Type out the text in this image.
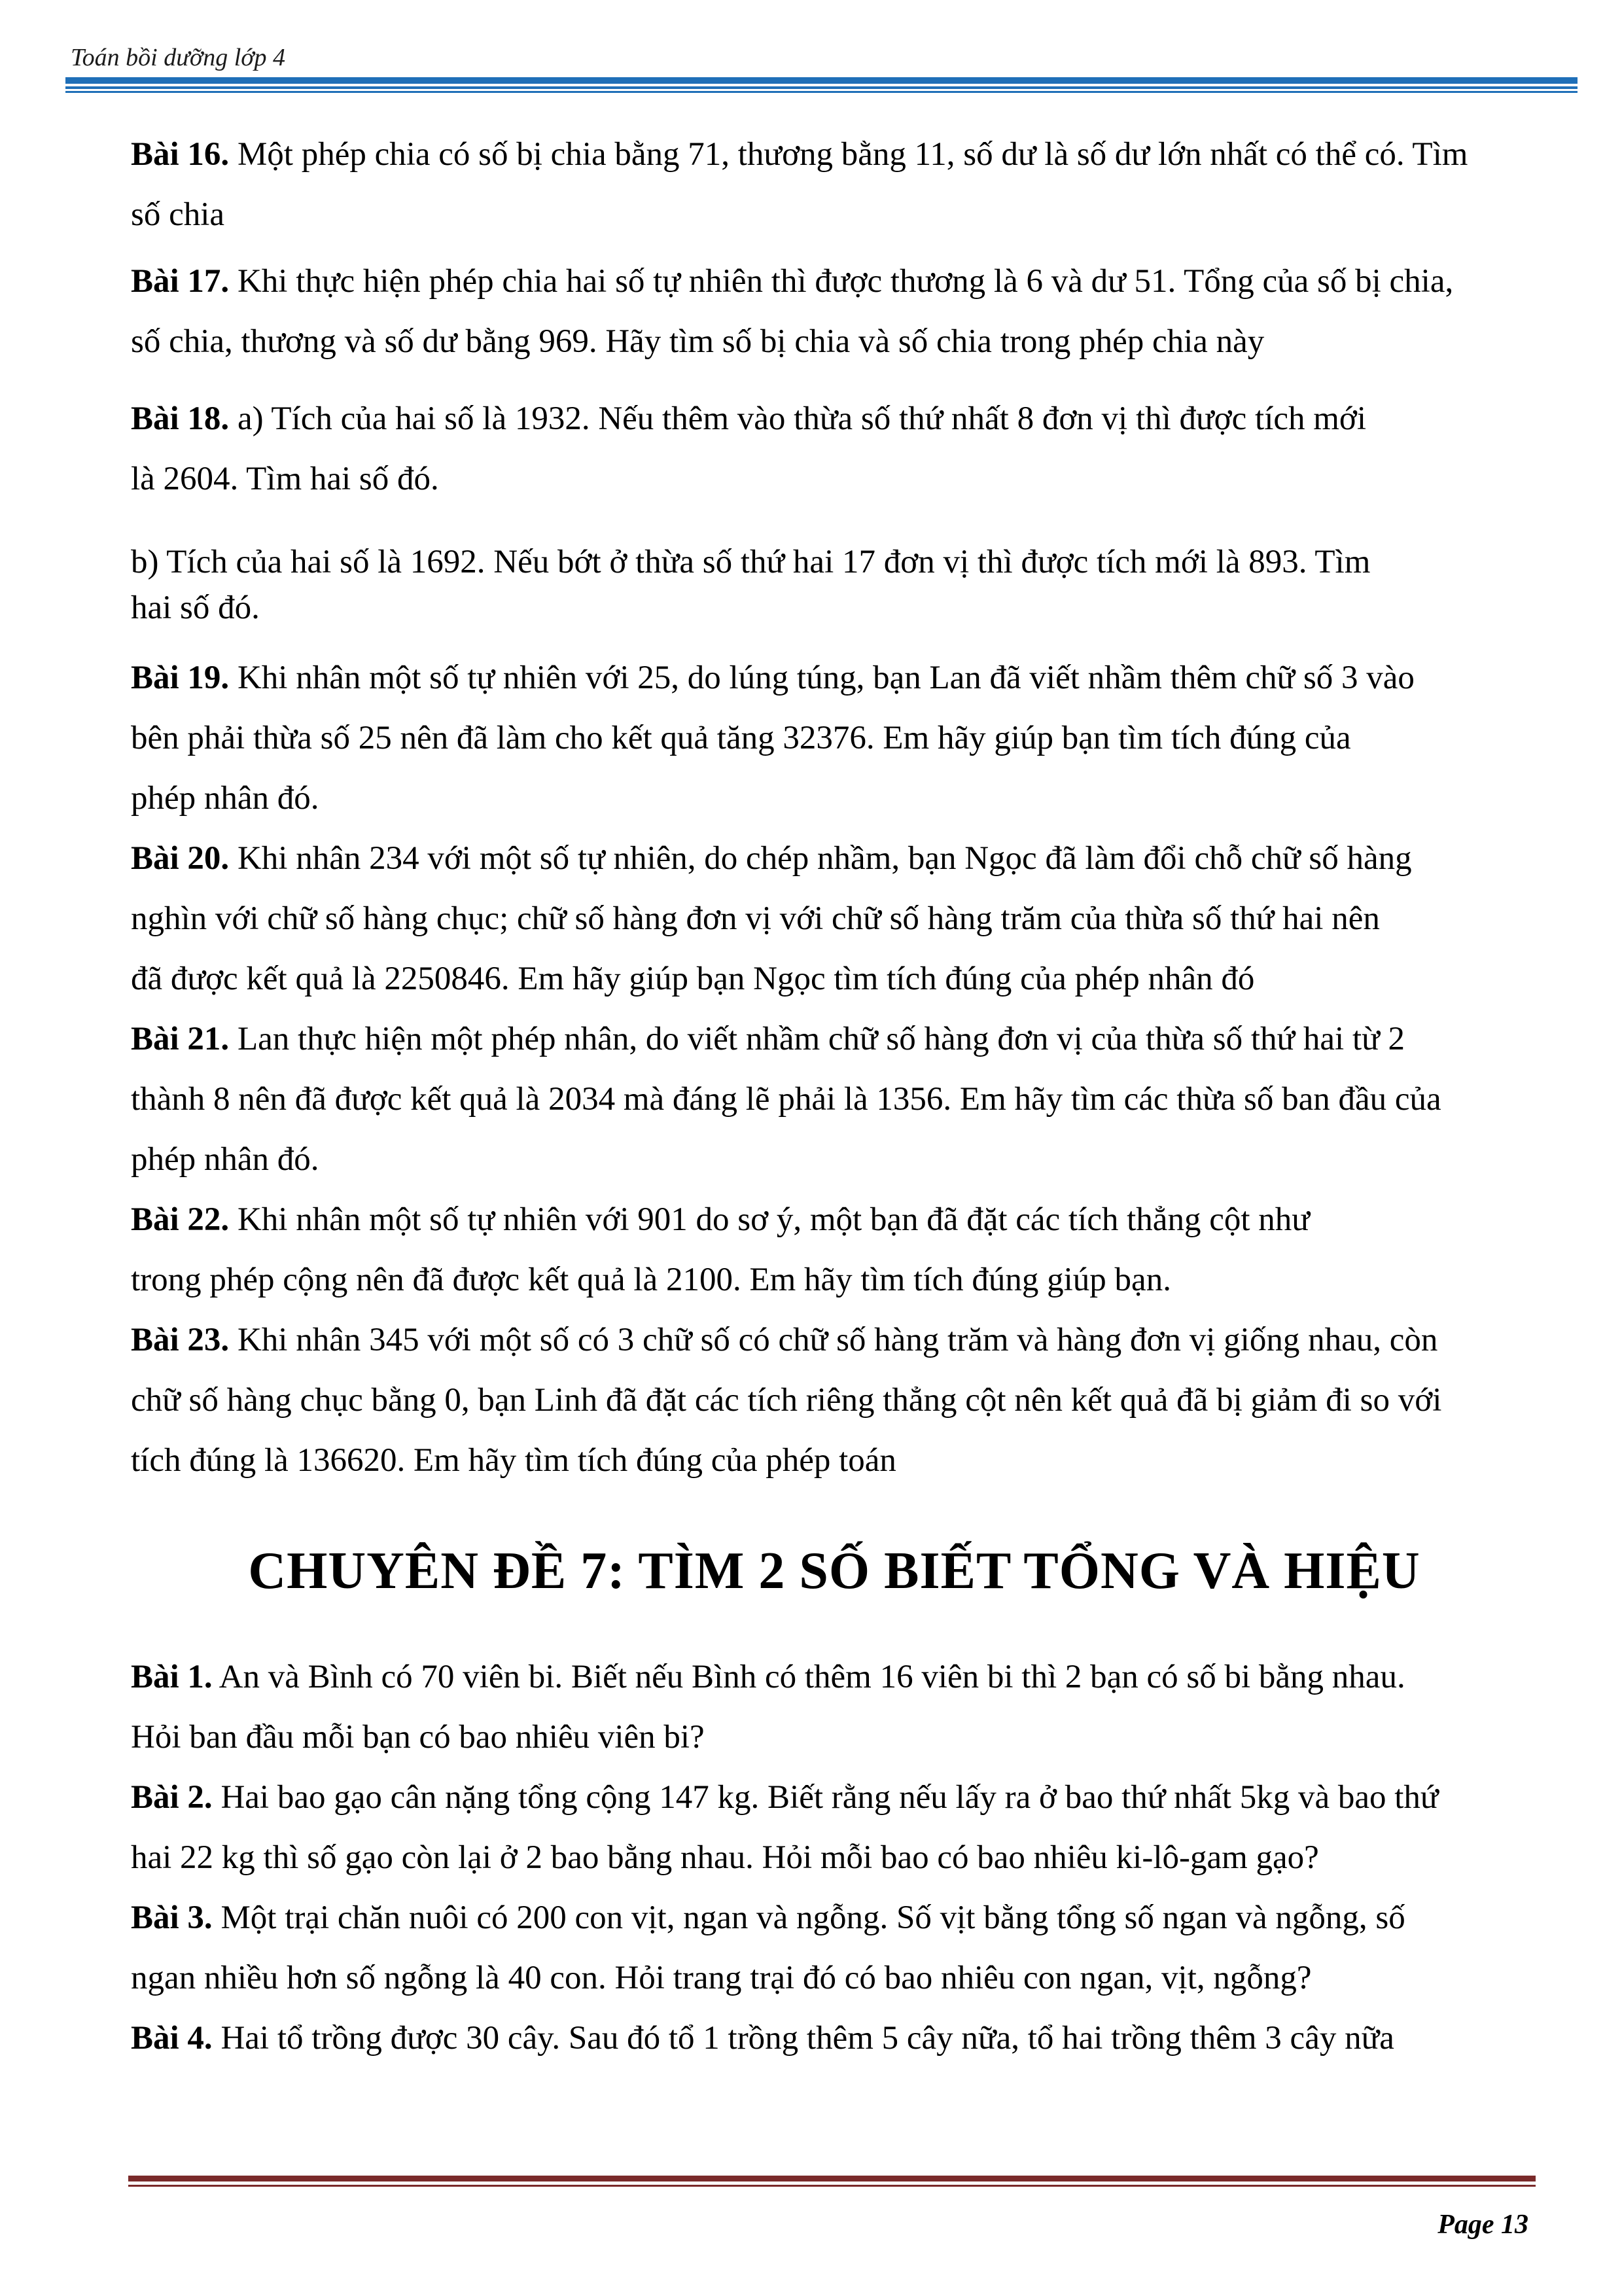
Toán bồi dưỡng lớp 4

Bài 16. Một phép chia có số bị chia bằng 71, thương bằng 11, số dư là số dư lớn nhất có thể có. Tìm

số chia

Bài 17. Khi thực hiện phép chia hai số tự nhiên thì được thương là 6 và dư 51. Tổng của số bị chia,

số chia, thương và số dư bằng 969. Hãy tìm số bị chia và số chia trong phép chia này

Bài 18. a) Tích của hai số là 1932. Nếu thêm vào thừa số thứ nhất 8 đơn vị thì được tích mới

là 2604. Tìm hai số đó.

b) Tích của hai số là 1692. Nếu bớt ở thừa số thứ hai 17 đơn vị thì được tích mới là 893. Tìm

hai số đó.

Bài 19. Khi nhân một số tự nhiên với 25, do lúng túng, bạn Lan đã viết nhầm thêm chữ số 3 vào

bên phải thừa số 25 nên đã làm cho kết quả tăng 32376. Em hãy giúp bạn tìm tích đúng của

phép nhân đó.

Bài 20. Khi nhân 234 với một số tự nhiên, do chép nhầm, bạn Ngọc đã làm đổi chỗ chữ số hàng

nghìn với chữ số hàng chục; chữ số hàng đơn vị với chữ số hàng trăm của thừa số thứ hai nên

đã được kết quả là 2250846. Em hãy giúp bạn Ngọc tìm tích đúng của phép nhân đó

Bài 21. Lan thực hiện một phép nhân, do viết nhầm chữ số hàng đơn vị của thừa số thứ hai từ 2

thành 8 nên đã được kết quả là 2034 mà đáng lẽ phải là 1356. Em hãy tìm các thừa số ban đầu của

phép nhân đó.

Bài 22. Khi nhân một số tự nhiên với 901 do sơ ý, một bạn đã đặt các tích thẳng cột như

trong phép cộng nên đã được kết quả là 2100. Em hãy tìm tích đúng giúp bạn.

Bài 23. Khi nhân 345 với một số có 3 chữ số có chữ số hàng trăm và hàng đơn vị giống nhau, còn

chữ số hàng chục bằng 0, bạn Linh đã đặt các tích riêng thẳng cột nên kết quả đã bị giảm đi so với

tích đúng là 136620. Em hãy tìm tích đúng của phép toán

CHUYÊN ĐỀ 7: TÌM 2 SỐ BIẾT TỔNG VÀ HIỆU

Bài 1. An và Bình có 70 viên bi. Biết nếu Bình có thêm 16 viên bi thì 2 bạn có số bi bằng nhau.

Hỏi ban đầu mỗi bạn có bao nhiêu viên bi?

Bài 2. Hai bao gạo cân nặng tổng cộng 147 kg. Biết rằng nếu lấy ra ở bao thứ nhất 5kg và bao thứ

hai 22 kg thì số gạo còn lại ở 2 bao bằng nhau. Hỏi mỗi bao có bao nhiêu ki-lô-gam gạo?

Bài 3. Một trại chăn nuôi có 200 con vịt, ngan và ngỗng. Số vịt bằng tổng số ngan và ngỗng, số

ngan nhiều hơn số ngỗng là 40 con. Hỏi trang trại đó có bao nhiêu con ngan, vịt, ngỗng?

Bài 4. Hai tổ trồng được 30 cây. Sau đó tổ 1 trồng thêm 5 cây nữa, tổ hai trồng thêm 3 cây nữa

Page 13
